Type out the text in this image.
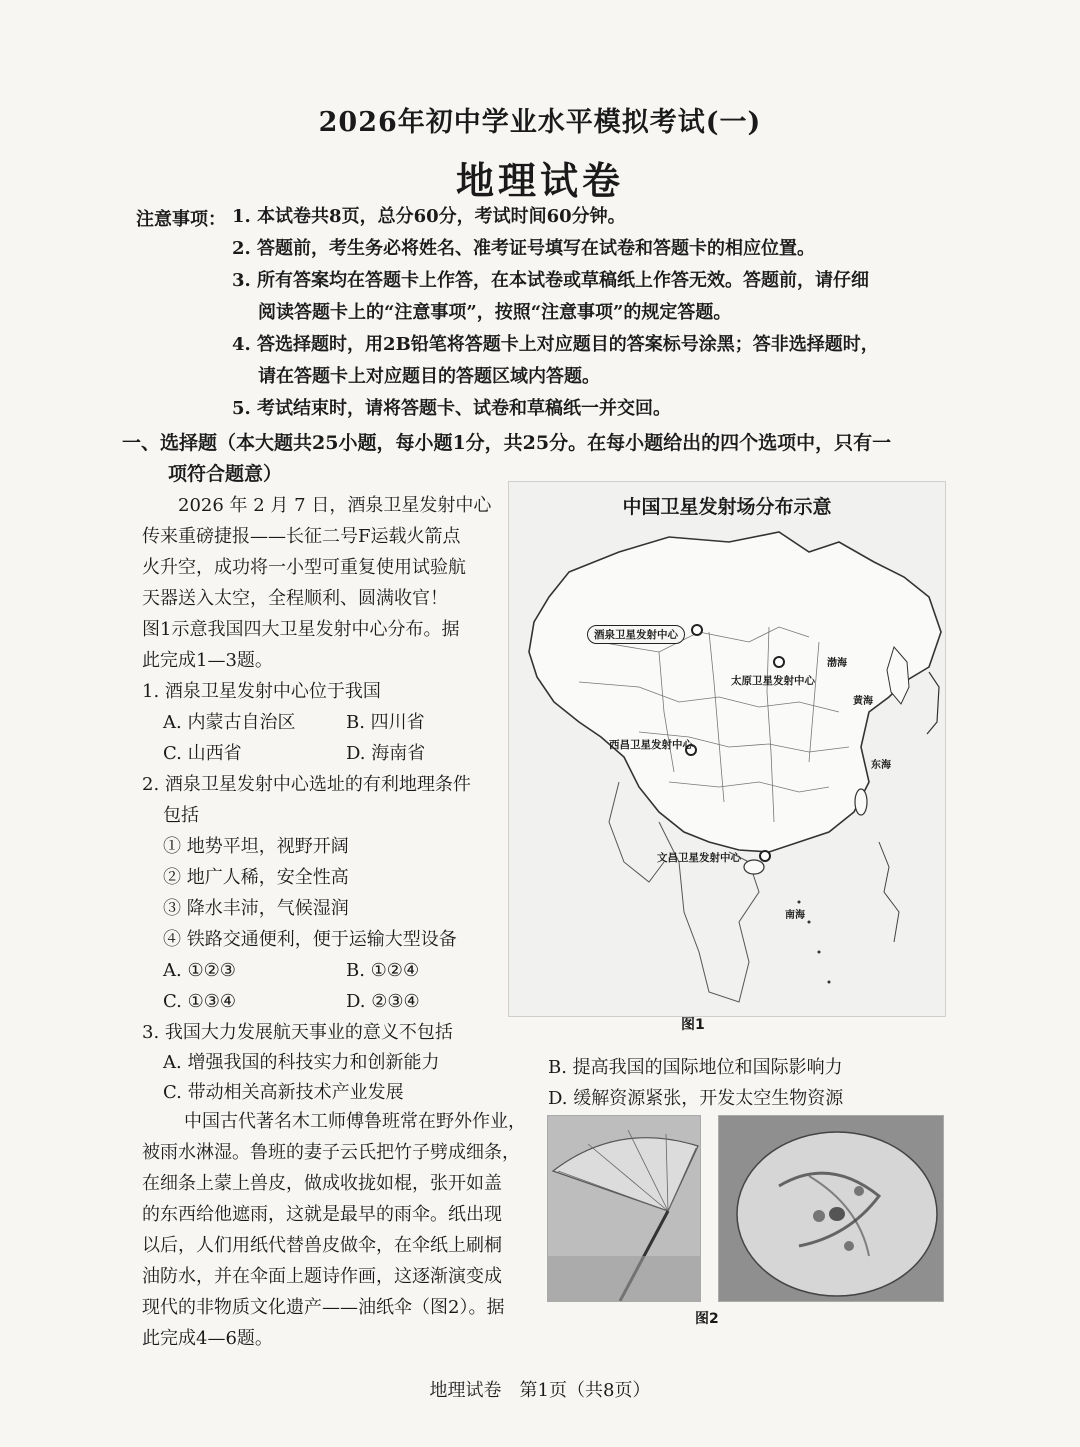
2026年初中学业水平模拟考试(一)
地理试卷
注意事项： 1. 本试卷共8页，总分60分，考试时间60分钟。
2. 答题前，考生务必将姓名、准考证号填写在试卷和答题卡的相应位置。
3. 所有答案均在答题卡上作答，在本试卷或草稿纸上作答无效。答题前，请仔细
阅读答题卡上的“注意事项”，按照“注意事项”的规定答题。
4. 答选择题时，用2B铅笔将答题卡上对应题目的答案标号涂黑；答非选择题时，
请在答题卡上对应题目的答题区域内答题。
5. 考试结束时，请将答题卡、试卷和草稿纸一并交回。
一、选择题（本大题共25小题，每小题1分，共25分。在每小题给出的四个选项中，只有一
项符合题意）
2026 年 2 月 7 日，酒泉卫星发射中心
传来重磅捷报——长征二号F运载火箭点
火升空，成功将一小型可重复使用试验航
天器送入太空，全程顺利、圆满收官！
图1示意我国四大卫星发射中心分布。据
此完成1—3题。
1. 酒泉卫星发射中心位于我国
A. 内蒙古自治区	B. 四川省
C. 山西省	D. 海南省
2. 酒泉卫星发射中心选址的有利地理条件
包括
① 地势平坦，视野开阔
② 地广人稀，安全性高
③ 降水丰沛，气候湿润
④ 铁路交通便利，便于运输大型设备
A. ①②③	B. ①②④
C. ①③④	D. ②③④
3. 我国大力发展航天事业的意义不包括
A. 增强我国的科技实力和创新能力	B. 提高我国的国际地位和国际影响力
C. 带动相关高新技术产业发展	D. 缓解资源紧张，开发太空生物资源
中国古代著名木工师傅鲁班常在野外作业，
被雨水淋湿。鲁班的妻子云氏把竹子劈成细条，
在细条上蒙上兽皮，做成收拢如棍，张开如盖
的东西给他遮雨，这就是最早的雨伞。纸出现
以后，人们用纸代替兽皮做伞，在伞纸上刷桐
油防水，并在伞面上题诗作画，这逐渐演变成
现代的非物质文化遗产——油纸伞（图2）。据
此完成4—6题。
中国卫星发射场分布示意
酒泉卫星发射中心
太原卫星发射中心
西昌卫星发射中心
文昌卫星发射中心
渤海
黄海
东海
南海
图1
图2
地理试卷　第1页（共8页）
